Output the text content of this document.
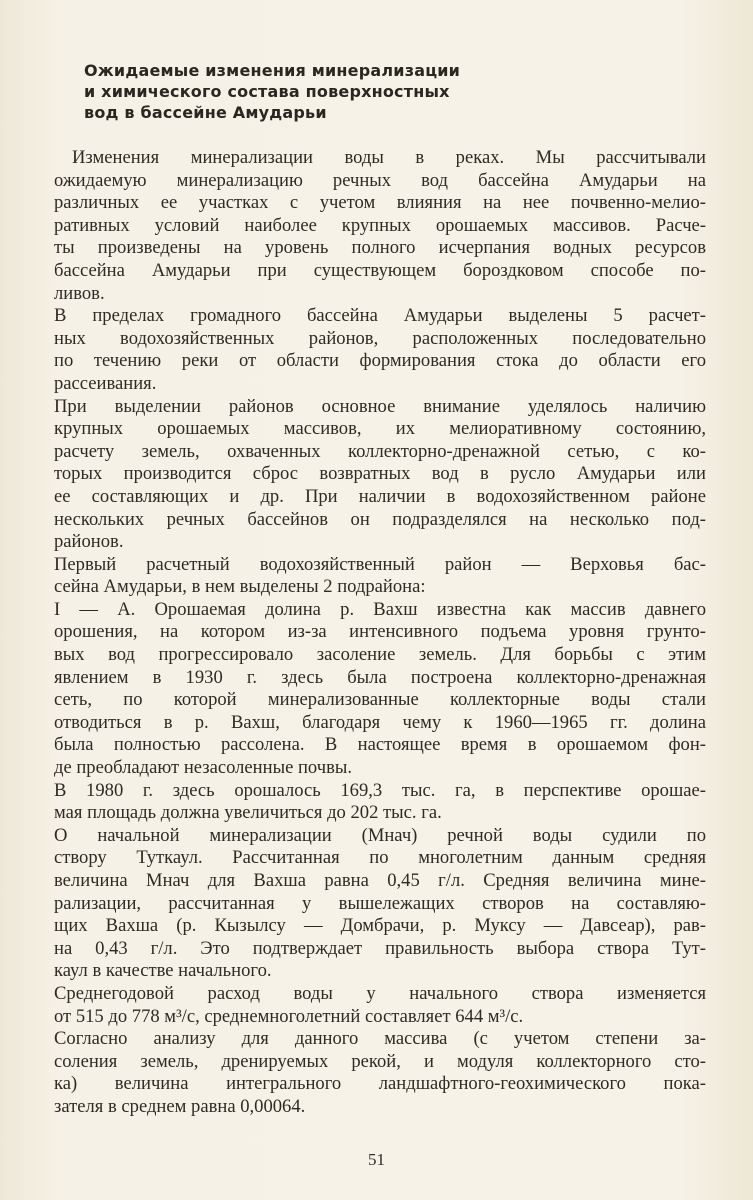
Ожидаемые изменения минерализации
и химического состава поверхностных
вод в бассейне Амударьи
Изменения минерализации воды в реках. Мы рассчитывали
ожидаемую минерализацию речных вод бассейна Амударьи на
различных ее участках с учетом влияния на нее почвенно-мелио-
ративных условий наиболее крупных орошаемых массивов. Расче-
ты произведены на уровень полного исчерпания водных ресурсов
бассейна Амударьи при существующем бороздковом способе по-
ливов.
В пределах громадного бассейна Амударьи выделены 5 расчет-
ных водохозяйственных районов, расположенных последовательно
по течению реки от области формирования стока до области его
рассеивания.
При выделении районов основное внимание уделялось наличию
крупных орошаемых массивов, их мелиоративному состоянию,
расчету земель, охваченных коллекторно-дренажной сетью, с ко-
торых производится сброс возвратных вод в русло Амударьи или
ее составляющих и др. При наличии в водохозяйственном районе
нескольких речных бассейнов он подразделялся на несколько под-
районов.
Первый расчетный водохозяйственный район — Верховья бас-
сейна Амударьи, в нем выделены 2 подрайона:
I — А. Орошаемая долина р. Вахш известна как массив давнего
орошения, на котором из-за интенсивного подъема уровня грунто-
вых вод прогрессировало засоление земель. Для борьбы с этим
явлением в 1930 г. здесь была построена коллекторно-дренажная
сеть, по которой минерализованные коллекторные воды стали
отводиться в р. Вахш, благодаря чему к 1960—1965 гг. долина
была полностью рассолена. В настоящее время в орошаемом фон-
де преобладают незасоленные почвы.
В 1980 г. здесь орошалось 169,3 тыс. га, в перспективе орошае-
мая площадь должна увеличиться до 202 тыс. га.
О начальной минерализации (Мнач) речной воды судили по
створу Туткаул. Рассчитанная по многолетним данным средняя
величина Мнач для Вахша равна 0,45 г/л. Средняя величина мине-
рализации, рассчитанная у вышележащих створов на составляю-
щих Вахша (р. Кызылсу — Домбрачи, р. Муксу — Давсеар), рав-
на 0,43 г/л. Это подтверждает правильность выбора створа Тут-
каул в качестве начального.
Среднегодовой расход воды у начального створа изменяется
от 515 до 778 м³/с, среднемноголетний составляет 644 м³/с.
Согласно анализу для данного массива (с учетом степени за-
соления земель, дренируемых рекой, и модуля коллекторного сто-
ка) величина интегрального ландшафтного-геохимического пока-
зателя в среднем равна 0,00064.
51
